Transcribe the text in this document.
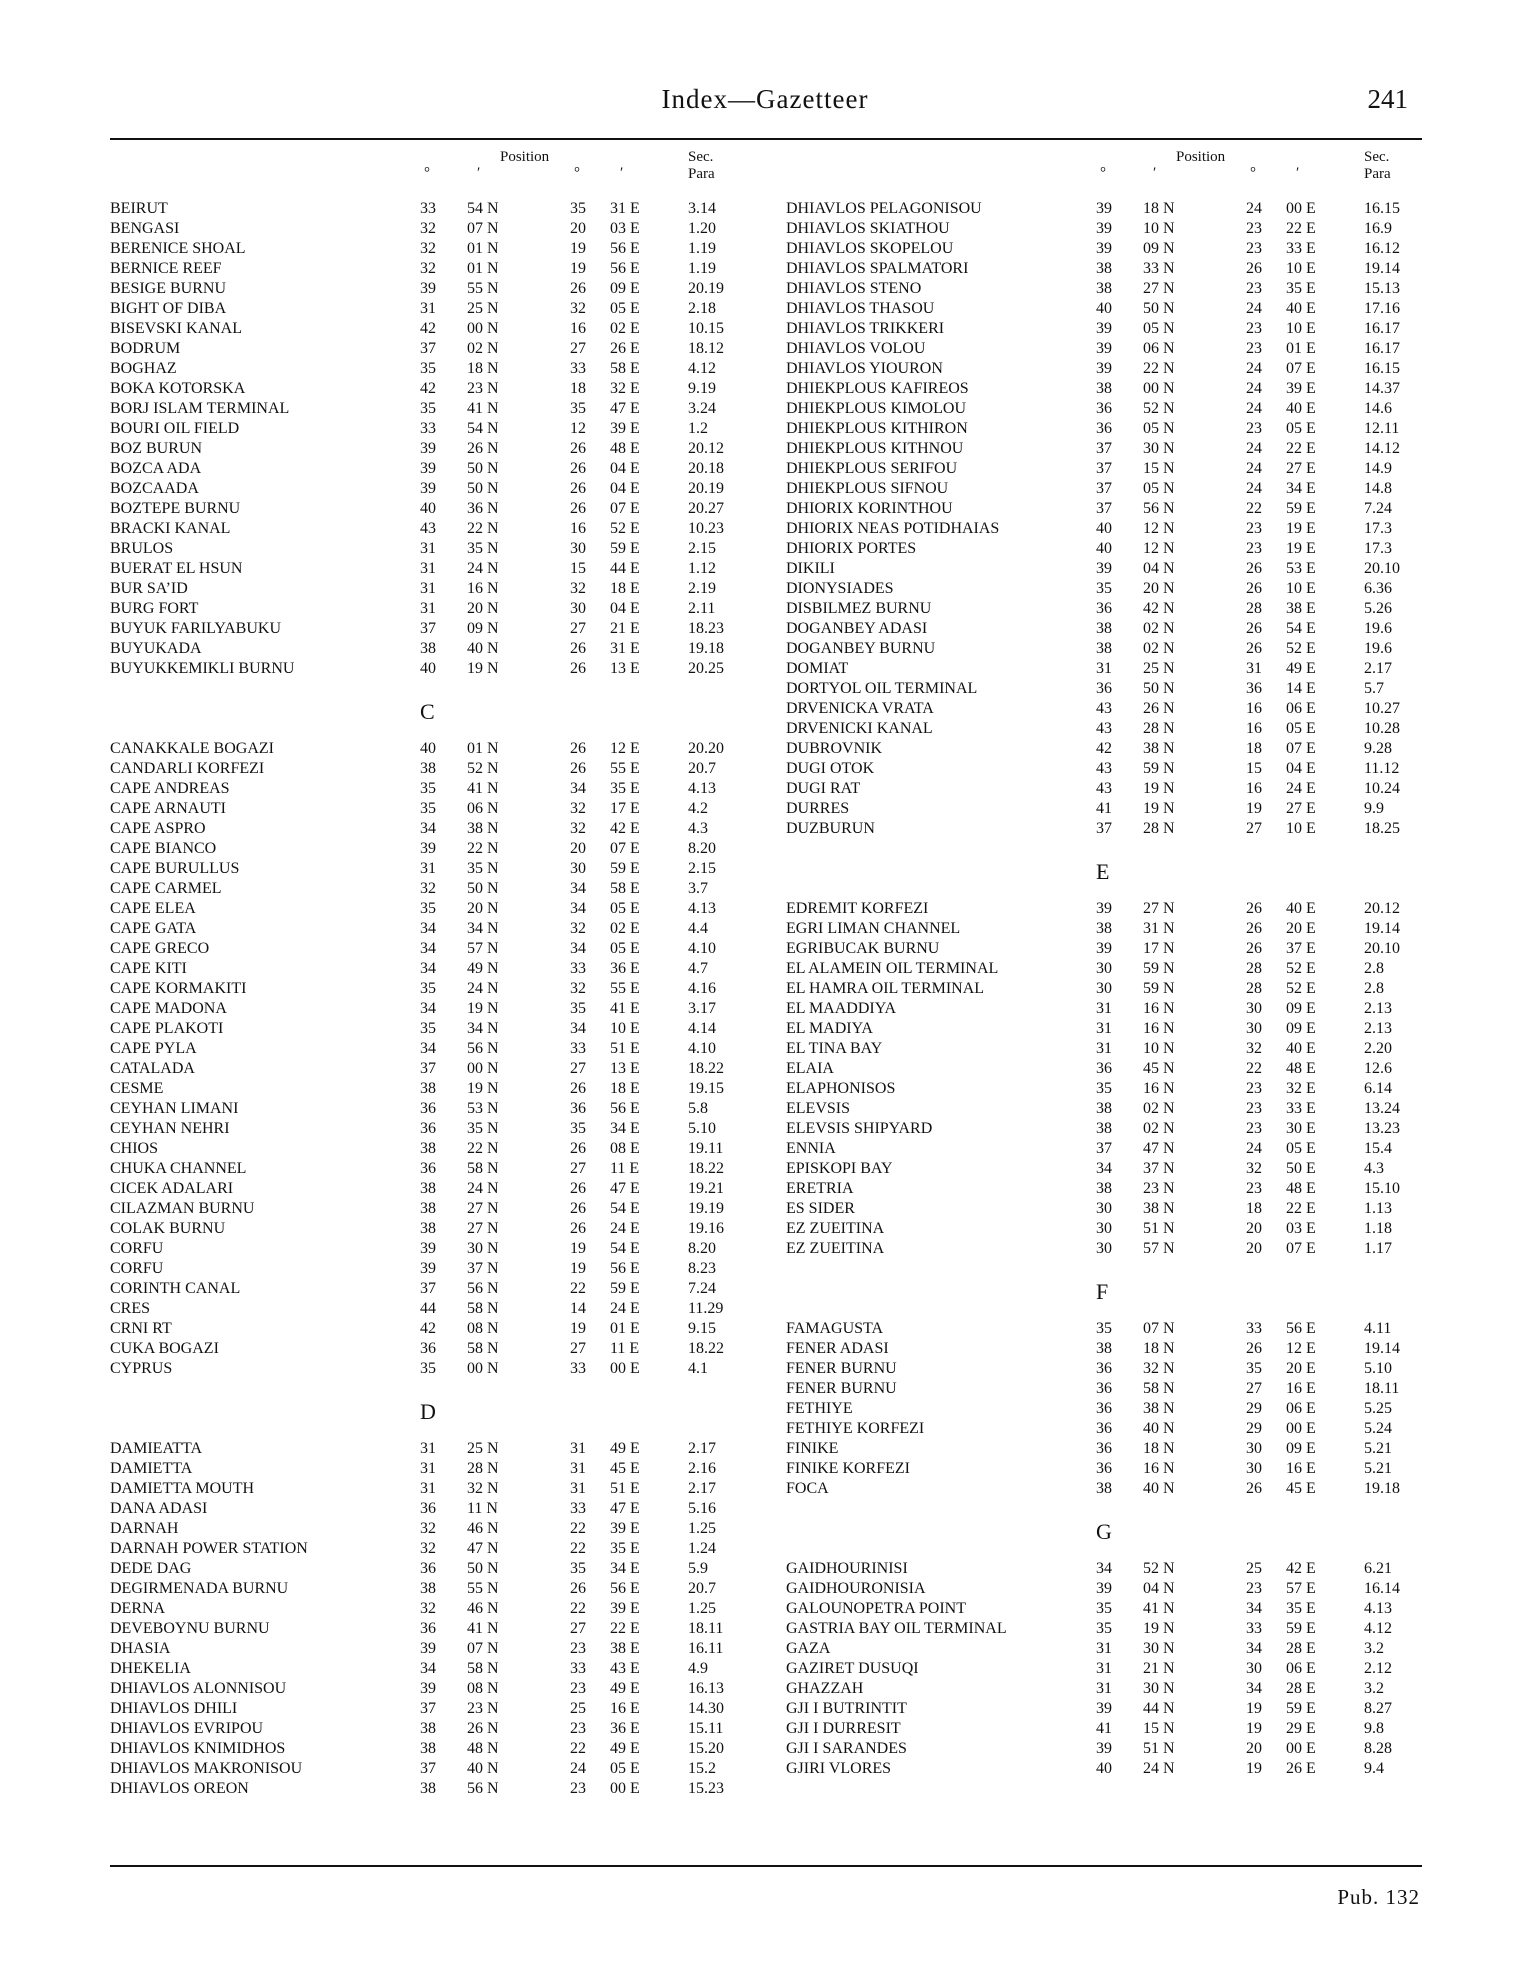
Index—Gazetteer	241
Position
°	′	°	′
Sec.
Para
BEIRUT	33 54 N	35 31 E	3.14
BENGASI	32 07 N	20 03 E	1.20
BERENICE SHOAL	32 01 N	19 56 E	1.19
BERNICE REEF	32 01 N	19 56 E	1.19
BESIGE BURNU	39 55 N	26 09 E	20.19
BIGHT OF DIBA	31 25 N	32 05 E	2.18
BISEVSKI KANAL	42 00 N	16 02 E	10.15
BODRUM	37 02 N	27 26 E	18.12
BOGHAZ	35 18 N	33 58 E	4.12
BOKA KOTORSKA	42 23 N	18 32 E	9.19
BORJ ISLAM TERMINAL	35 41 N	35 47 E	3.24
BOURI OIL FIELD	33 54 N	12 39 E	1.2
BOZ BURUN	39 26 N	26 48 E	20.12
BOZCA ADA	39 50 N	26 04 E	20.18
BOZCAADA	39 50 N	26 04 E	20.19
BOZTEPE BURNU	40 36 N	26 07 E	20.27
BRACKI KANAL	43 22 N	16 52 E	10.23
BRULOS	31 35 N	30 59 E	2.15
BUERAT EL HSUN	31 24 N	15 44 E	1.12
BUR SA’ID	31 16 N	32 18 E	2.19
BURG FORT	31 20 N	30 04 E	2.11
BUYUK FARILYABUKU	37 09 N	27 21 E	18.23
BUYUKADA	38 40 N	26 31 E	19.18
BUYUKKEMIKLI BURNU	40 19 N	26 13 E	20.25
C
CANAKKALE BOGAZI	40 01 N	26 12 E	20.20
CANDARLI KORFEZI	38 52 N	26 55 E	20.7
CAPE ANDREAS	35 41 N	34 35 E	4.13
CAPE ARNAUTI	35 06 N	32 17 E	4.2
CAPE ASPRO	34 38 N	32 42 E	4.3
CAPE BIANCO	39 22 N	20 07 E	8.20
CAPE BURULLUS	31 35 N	30 59 E	2.15
CAPE CARMEL	32 50 N	34 58 E	3.7
CAPE ELEA	35 20 N	34 05 E	4.13
CAPE GATA	34 34 N	32 02 E	4.4
CAPE GRECO	34 57 N	34 05 E	4.10
CAPE KITI	34 49 N	33 36 E	4.7
CAPE KORMAKITI	35 24 N	32 55 E	4.16
CAPE MADONA	34 19 N	35 41 E	3.17
CAPE PLAKOTI	35 34 N	34 10 E	4.14
CAPE PYLA	34 56 N	33 51 E	4.10
CATALADA	37 00 N	27 13 E	18.22
CESME	38 19 N	26 18 E	19.15
CEYHAN LIMANI	36 53 N	36 56 E	5.8
CEYHAN NEHRI	36 35 N	35 34 E	5.10
CHIOS	38 22 N	26 08 E	19.11
CHUKA CHANNEL	36 58 N	27 11 E	18.22
CICEK ADALARI	38 24 N	26 47 E	19.21
CILAZMAN BURNU	38 27 N	26 54 E	19.19
COLAK BURNU	38 27 N	26 24 E	19.16
CORFU	39 30 N	19 54 E	8.20
CORFU	39 37 N	19 56 E	8.23
CORINTH CANAL	37 56 N	22 59 E	7.24
CRES	44 58 N	14 24 E	11.29
CRNI RT	42 08 N	19 01 E	9.15
CUKA BOGAZI	36 58 N	27 11 E	18.22
CYPRUS	35 00 N	33 00 E	4.1
D
DAMIEATTA	31 25 N	31 49 E	2.17
DAMIETTA	31 28 N	31 45 E	2.16
DAMIETTA MOUTH	31 32 N	31 51 E	2.17
DANA ADASI	36 11 N	33 47 E	5.16
DARNAH	32 46 N	22 39 E	1.25
DARNAH POWER STATION	32 47 N	22 35 E	1.24
DEDE DAG	36 50 N	35 34 E	5.9
DEGIRMENADA BURNU	38 55 N	26 56 E	20.7
DERNA	32 46 N	22 39 E	1.25
DEVEBOYNU BURNU	36 41 N	27 22 E	18.11
DHASIA	39 07 N	23 38 E	16.11
DHEKELIA	34 58 N	33 43 E	4.9
DHIAVLOS ALONNISOU	39 08 N	23 49 E	16.13
DHIAVLOS DHILI	37 23 N	25 16 E	14.30
DHIAVLOS EVRIPOU	38 26 N	23 36 E	15.11
DHIAVLOS KNIMIDHOS	38 48 N	22 49 E	15.20
DHIAVLOS MAKRONISOU	37 40 N	24 05 E	15.2
DHIAVLOS OREON	38 56 N	23 00 E	15.23
Position
°	′	°	′
Sec.
Para
DHIAVLOS PELAGONISOU	39 18 N	24 00 E	16.15
DHIAVLOS SKIATHOU	39 10 N	23 22 E	16.9
DHIAVLOS SKOPELOU	39 09 N	23 33 E	16.12
DHIAVLOS SPALMATORI	38 33 N	26 10 E	19.14
DHIAVLOS STENO	38 27 N	23 35 E	15.13
DHIAVLOS THASOU	40 50 N	24 40 E	17.16
DHIAVLOS TRIKKERI	39 05 N	23 10 E	16.17
DHIAVLOS VOLOU	39 06 N	23 01 E	16.17
DHIAVLOS YIOURON	39 22 N	24 07 E	16.15
DHIEKPLOUS KAFIREOS	38 00 N	24 39 E	14.37
DHIEKPLOUS KIMOLOU	36 52 N	24 40 E	14.6
DHIEKPLOUS KITHIRON	36 05 N	23 05 E	12.11
DHIEKPLOUS KITHNOU	37 30 N	24 22 E	14.12
DHIEKPLOUS SERIFOU	37 15 N	24 27 E	14.9
DHIEKPLOUS SIFNOU	37 05 N	24 34 E	14.8
DHIORIX KORINTHOU	37 56 N	22 59 E	7.24
DHIORIX NEAS POTIDHAIAS	40 12 N	23 19 E	17.3
DHIORIX PORTES	40 12 N	23 19 E	17.3
DIKILI	39 04 N	26 53 E	20.10
DIONYSIADES	35 20 N	26 10 E	6.36
DISBILMEZ BURNU	36 42 N	28 38 E	5.26
DOGANBEY ADASI	38 02 N	26 54 E	19.6
DOGANBEY BURNU	38 02 N	26 52 E	19.6
DOMIAT	31 25 N	31 49 E	2.17
DORTYOL OIL TERMINAL	36 50 N	36 14 E	5.7
DRVENICKA VRATA	43 26 N	16 06 E	10.27
DRVENICKI KANAL	43 28 N	16 05 E	10.28
DUBROVNIK	42 38 N	18 07 E	9.28
DUGI OTOK	43 59 N	15 04 E	11.12
DUGI RAT	43 19 N	16 24 E	10.24
DURRES	41 19 N	19 27 E	9.9
DUZBURUN	37 28 N	27 10 E	18.25
E
EDREMIT KORFEZI	39 27 N	26 40 E	20.12
EGRI LIMAN CHANNEL	38 31 N	26 20 E	19.14
EGRIBUCAK BURNU	39 17 N	26 37 E	20.10
EL ALAMEIN OIL TERMINAL	30 59 N	28 52 E	2.8
EL HAMRA OIL TERMINAL	30 59 N	28 52 E	2.8
EL MAADDIYA	31 16 N	30 09 E	2.13
EL MADIYA	31 16 N	30 09 E	2.13
EL TINA BAY	31 10 N	32 40 E	2.20
ELAIA	36 45 N	22 48 E	12.6
ELAPHONISOS	35 16 N	23 32 E	6.14
ELEVSIS	38 02 N	23 33 E	13.24
ELEVSIS SHIPYARD	38 02 N	23 30 E	13.23
ENNIA	37 47 N	24 05 E	15.4
EPISKOPI BAY	34 37 N	32 50 E	4.3
ERETRIA	38 23 N	23 48 E	15.10
ES SIDER	30 38 N	18 22 E	1.13
EZ ZUEITINA	30 51 N	20 03 E	1.18
EZ ZUEITINA	30 57 N	20 07 E	1.17
F
FAMAGUSTA	35 07 N	33 56 E	4.11
FENER ADASI	38 18 N	26 12 E	19.14
FENER BURNU	36 32 N	35 20 E	5.10
FENER BURNU	36 58 N	27 16 E	18.11
FETHIYE	36 38 N	29 06 E	5.25
FETHIYE KORFEZI	36 40 N	29 00 E	5.24
FINIKE	36 18 N	30 09 E	5.21
FINIKE KORFEZI	36 16 N	30 16 E	5.21
FOCA	38 40 N	26 45 E	19.18
G
GAIDHOURINISI	34 52 N	25 42 E	6.21
GAIDHOURONISIA	39 04 N	23 57 E	16.14
GALOUNOPETRA POINT	35 41 N	34 35 E	4.13
GASTRIA BAY OIL TERMINAL	35 19 N	33 59 E	4.12
GAZA	31 30 N	34 28 E	3.2
GAZIRET DUSUQI	31 21 N	30 06 E	2.12
GHAZZAH	31 30 N	34 28 E	3.2
GJI I BUTRINTIT	39 44 N	19 59 E	8.27
GJI I DURRESIT	41 15 N	19 29 E	9.8
GJI I SARANDES	39 51 N	20 00 E	8.28
GJIRI VLORES	40 24 N	19 26 E	9.4
Pub. 132
